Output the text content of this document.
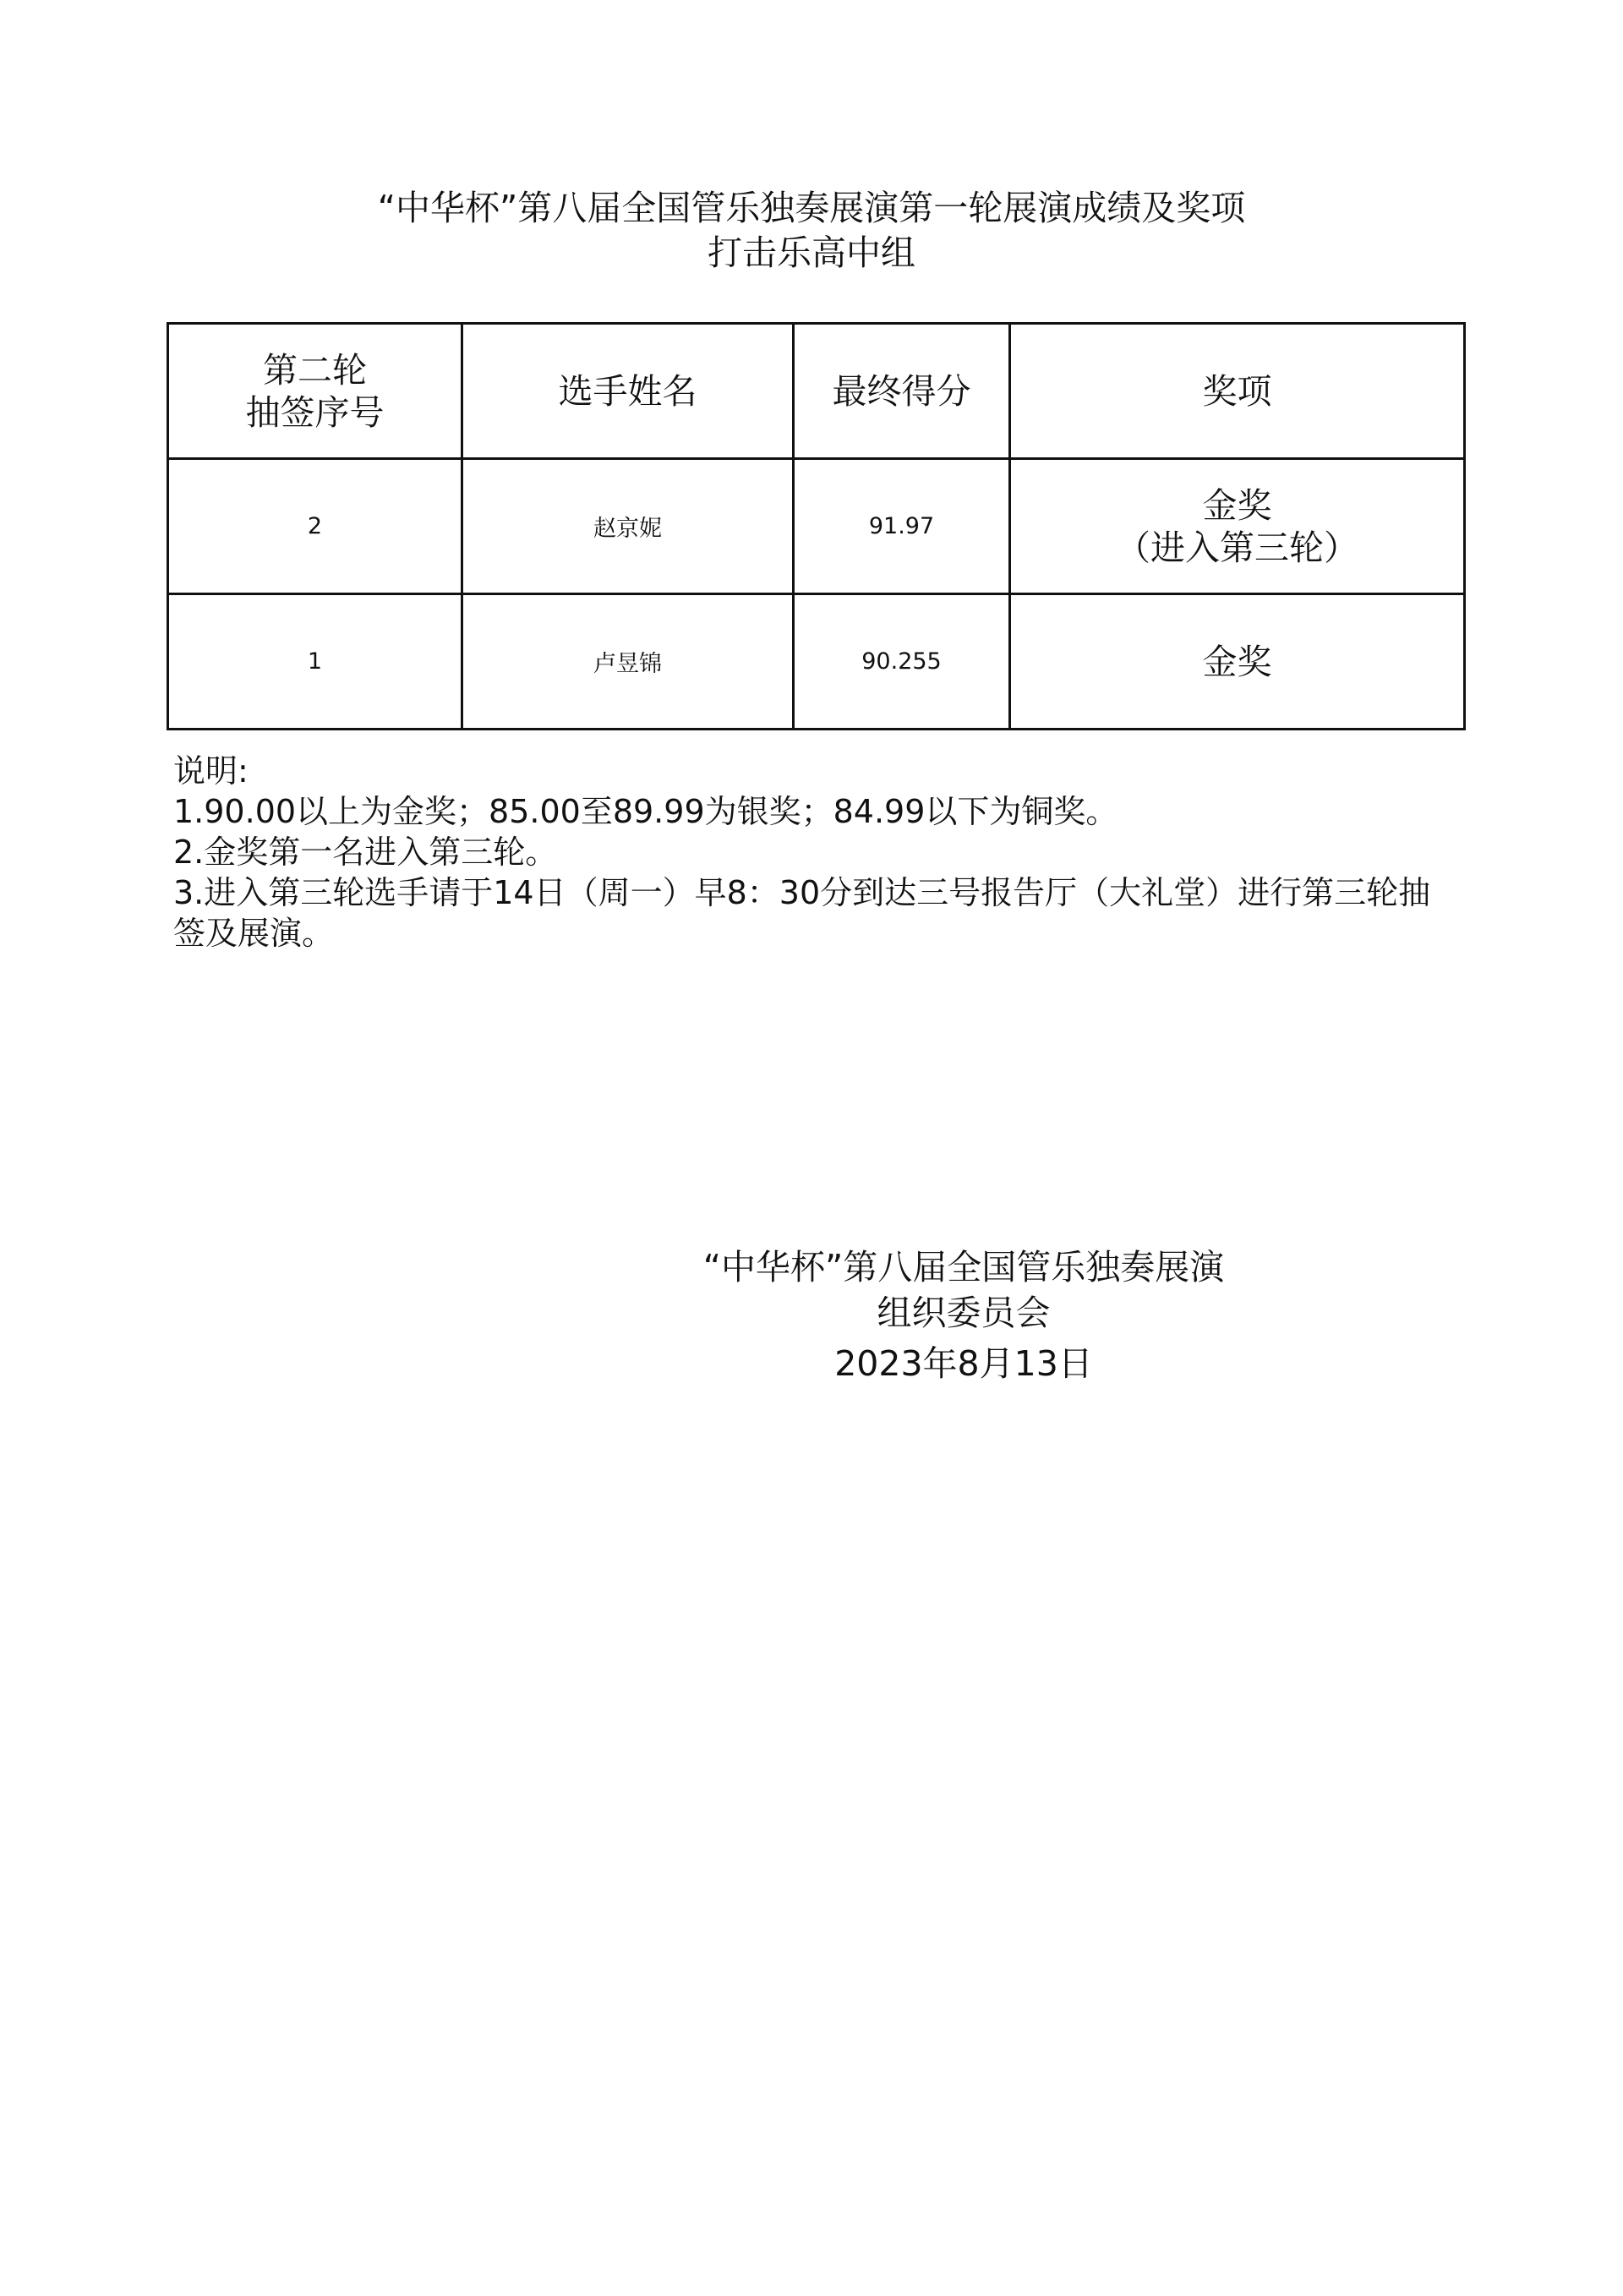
“中华杯”第八届全国管乐独奏展演第一轮展演成绩及奖项
打击乐高中组
第二轮
抽签序号	选手姓名	最终得分	奖项
2	赵京妮	91.97	金奖
（进入第三轮）

1	卢昱锦	90.255	金奖
说明:
1.90.00以上为金奖；85.00至89.99为银奖；84.99以下为铜奖。
2.金奖第一名进入第三轮。
3.进入第三轮选手请于14日（周一）早8：30分到达三号报告厅（大礼堂）进行第三轮抽签及展演。
“中华杯”第八届全国管乐独奏展演
组织委员会
2023年8月13日
